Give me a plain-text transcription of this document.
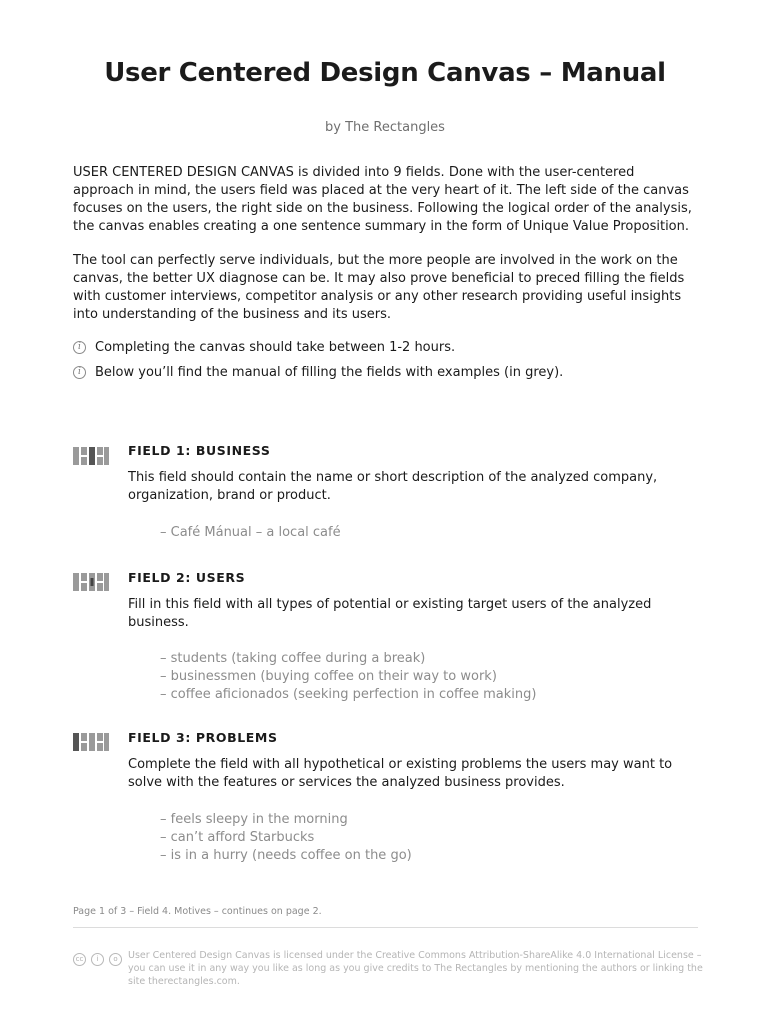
User Centered Design Canvas – Manual
by The Rectangles
USER CENTERED DESIGN CANVAS is divided into 9 fields. Done with the user-centered approach in mind, the users field was placed at the very heart of it. The left side of the canvas focuses on the users, the right side on the business. Following the logical order of the analysis, the canvas enables creating a one sentence summary in the form of Unique Value Proposition.
The tool can perfectly serve individuals, but the more people are involved in the work on the canvas, the better UX diagnose can be. It may also prove beneficial to preced filling the fields with customer interviews, competitor analysis or any other research providing useful insights into understanding of the business and its users.
i	Completing the canvas should take between 1-2 hours.
i	Below you’ll find the manual of filling the fields with examples (in grey).
FIELD 1: BUSINESS
This field should contain the name or short description of the analyzed company, organization, brand or product.
– Café Mánual – a local café
FIELD 2: USERS
Fill in this field with all types of potential or existing target users of the analyzed business.
– students (taking coffee during a break)
– businessmen (buying coffee on their way to work)
– coffee aficionados (seeking perfection in coffee making)
FIELD 3: PROBLEMS
Complete the field with all hypothetical or existing problems the users may want to solve with the features or services the analyzed business provides.
– feels sleepy in the morning
– can’t afford Starbucks
– is in a hurry (needs coffee on the go)
Page 1 of 3 – Field 4. Motives – continues on page 2.
cc	i	o	User Centered Design Canvas is licensed under the Creative Commons Attribution-ShareAlike 4.0 International License – you can use it in any way you like as long as you give credits to The Rectangles by mentioning the authors or linking the site therectangles.com.
